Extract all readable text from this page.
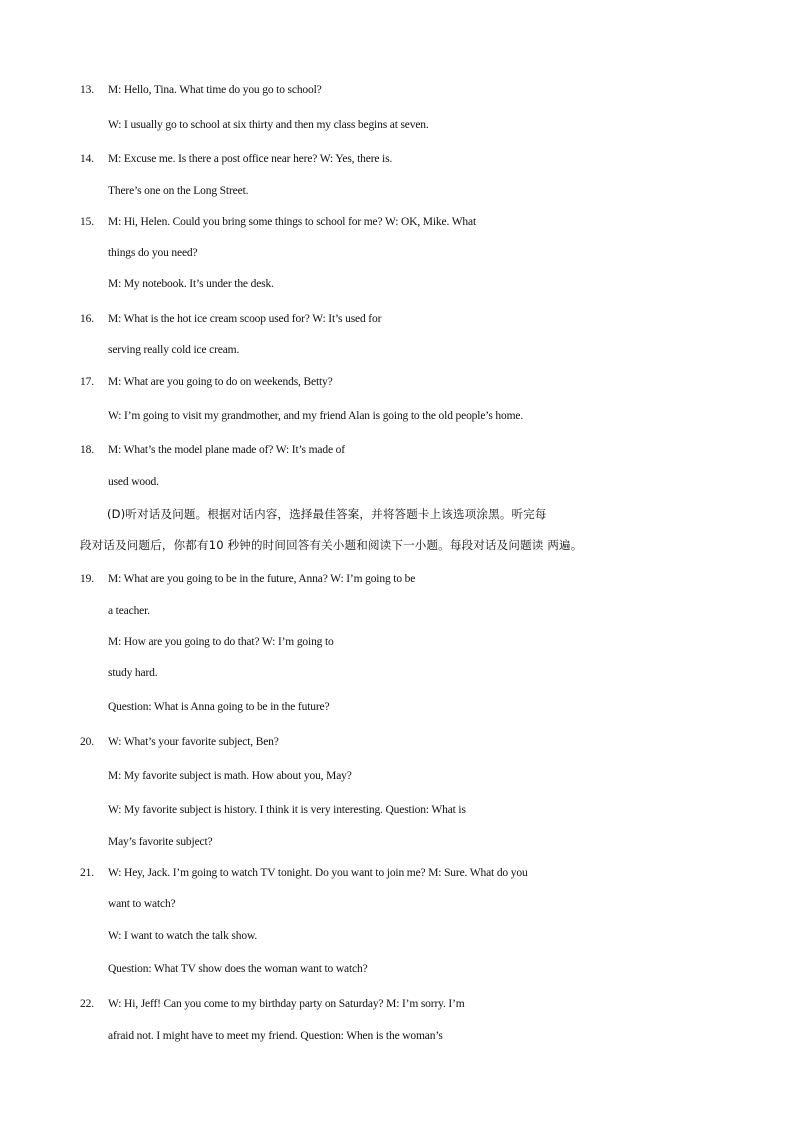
13. M: Hello, Tina. What time do you go to school?
W: I usually go to school at six thirty and then my class begins at seven.
14. M: Excuse me. Is there a post office near here? W: Yes, there is.
There’s one on the Long Street.
15. M: Hi, Helen. Could you bring some things to school for me? W: OK, Mike. What
things do you need?
M: My notebook. It’s under the desk.
16. M: What is the hot ice cream scoop used for? W: It’s used for
serving really cold ice cream.
17. M: What are you going to do on weekends, Betty?
W: I’m going to visit my grandmother, and my friend Alan is going to the old people’s home.
18. M: What’s the model plane made of? W: It’s made of
used wood.
(D)听对话及问题。根据对话内容，选择最佳答案，并将答题卡上该选项涂黑。听完每
段对话及问题后，你都有10 秒钟的时间回答有关小题和阅读下一小题。每段对话及问题读 两遍。
19. M: What are you going to be in the future, Anna? W: I’m going to be
a teacher.
M: How are you going to do that? W: I’m going to
study hard.
Question: What is Anna going to be in the future?
20. W: What’s your favorite subject, Ben?
M: My favorite subject is math. How about you, May?
W: My favorite subject is history. I think it is very interesting. Question: What is
May’s favorite subject?
21. W: Hey, Jack. I’m going to watch TV tonight. Do you want to join me? M: Sure. What do you
want to watch?
W: I want to watch the talk show.
Question: What TV show does the woman want to watch?
22. W: Hi, Jeff! Can you come to my birthday party on Saturday? M: I’m sorry. I’m
afraid not. I might have to meet my friend. Question: When is the woman’s
